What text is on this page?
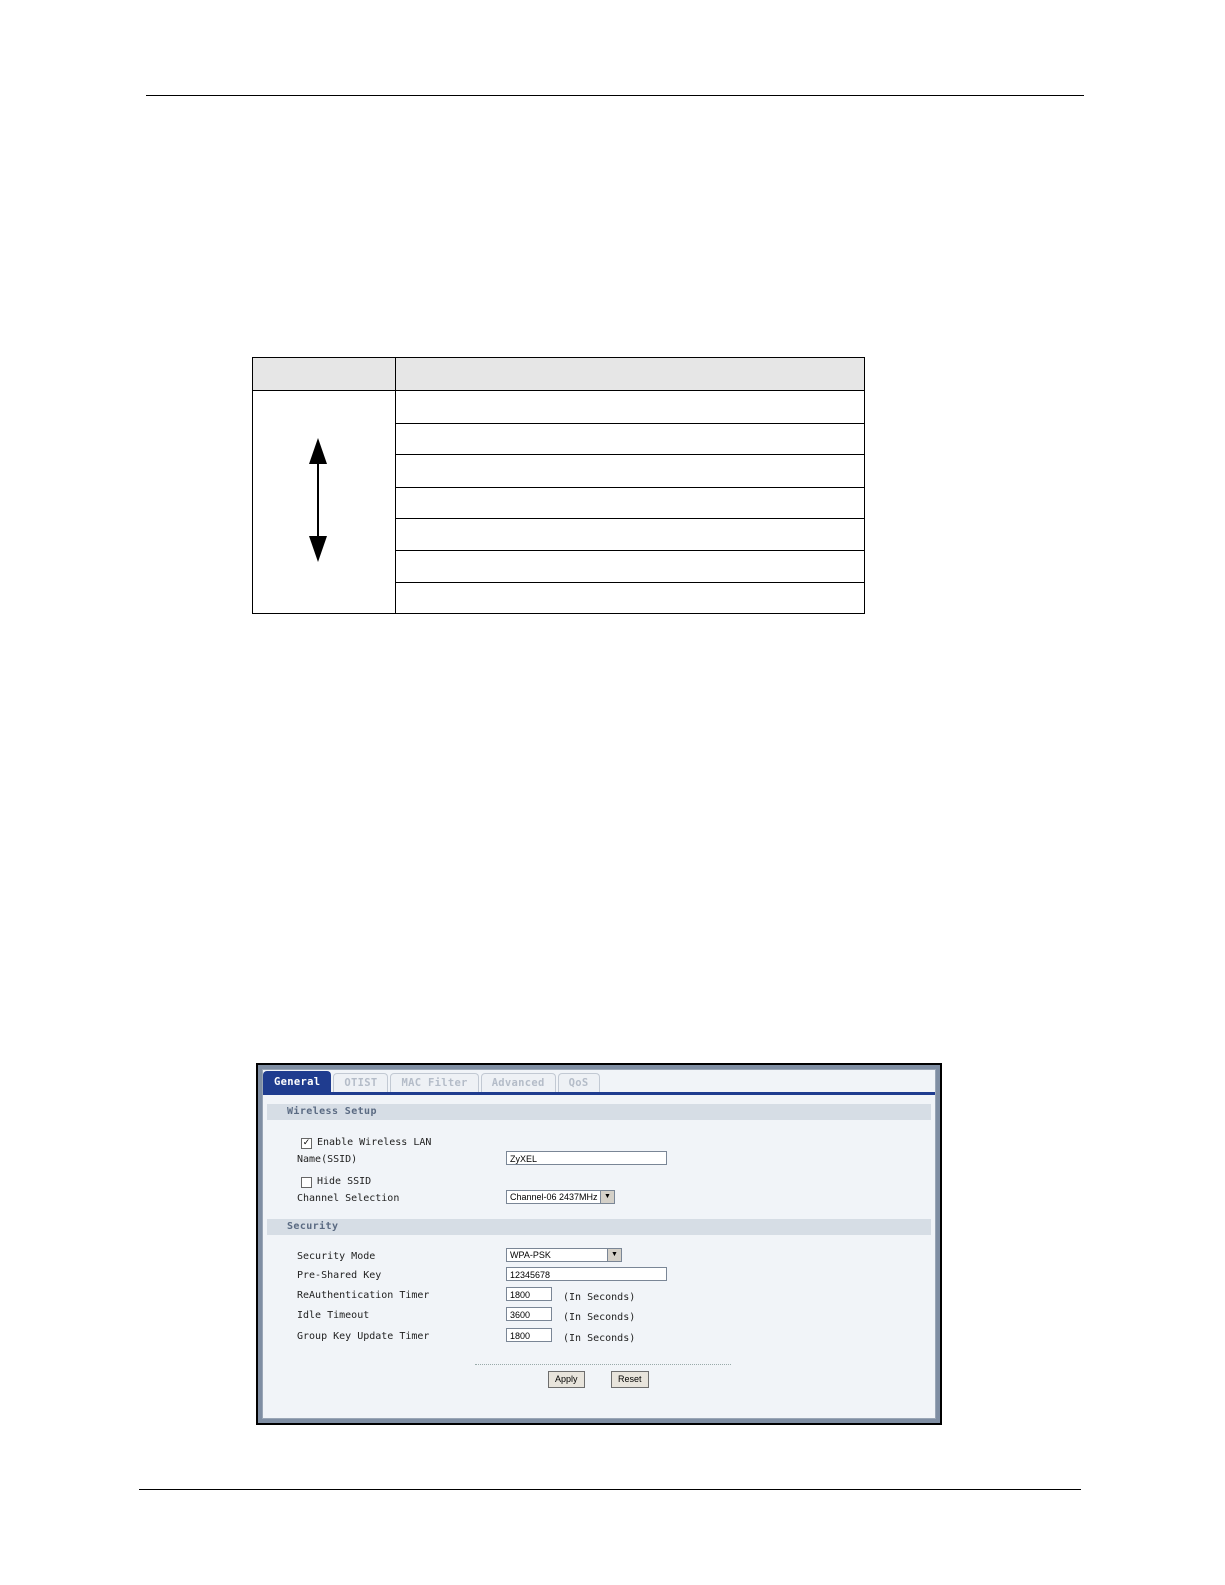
General	OTIST	MAC Filter	Advanced	QoS
Wireless Setup
✓ Enable Wireless LAN
Name(SSID)	ZyXEL
Hide SSID
Channel Selection	Channel-06 2437MHz ▼
Security
Security Mode	WPA-PSK	▼
Pre-Shared Key	12345678
ReAuthentication Timer	1800	(In Seconds)
Idle Timeout	3600	(In Seconds)
Group Key Update Timer	1800	(In Seconds)
Apply	Reset
